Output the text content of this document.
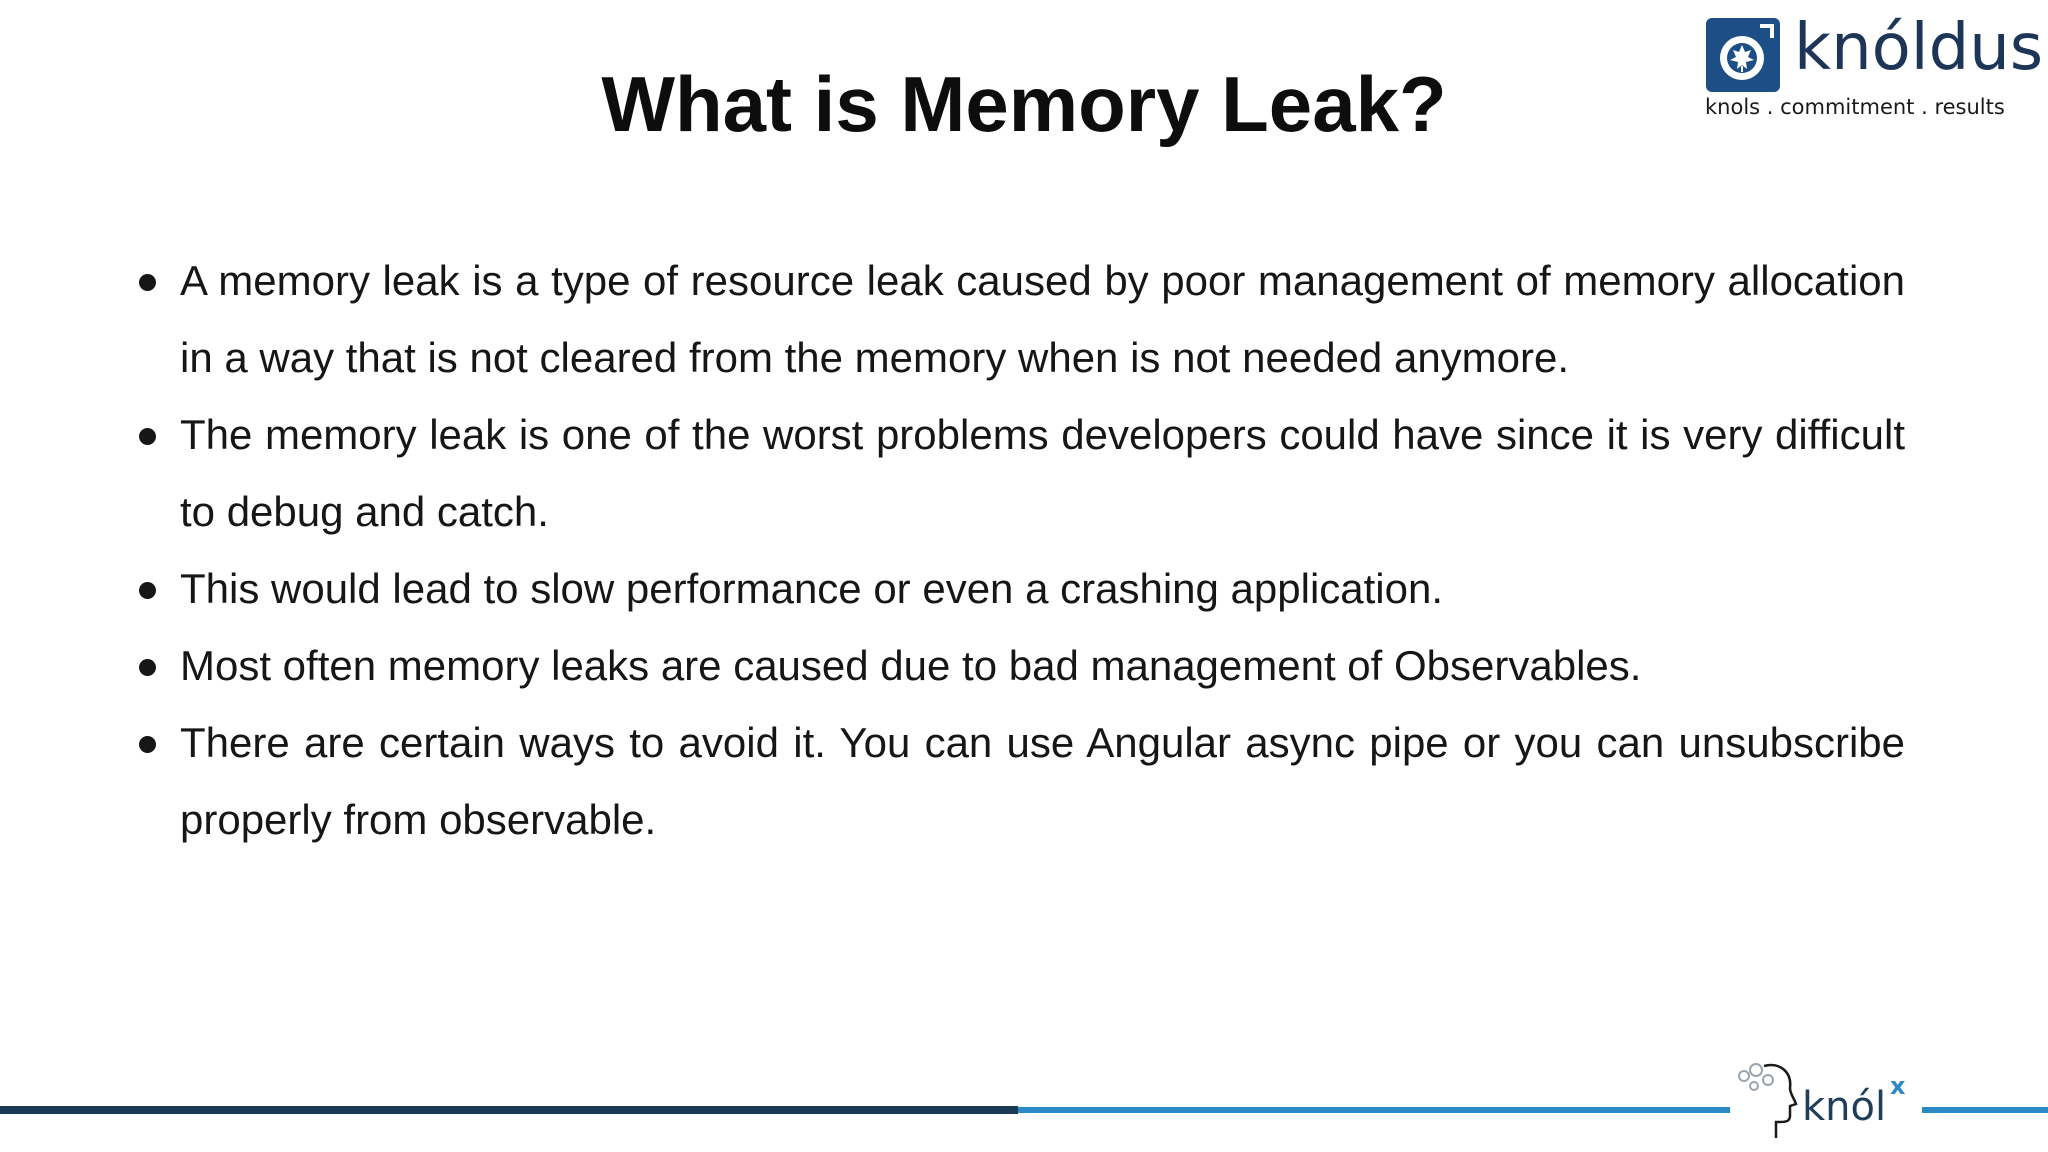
What is Memory Leak?
knóldus
knols . commitment . results
A memory leak is a type of resource leak caused by poor management of memory allocation in a way that is not cleared from the memory when is not needed anymore.
The memory leak is one of the worst problems developers could have since it is very difficult to debug and catch.
This would lead to slow performance or even a crashing application.
Most often memory leaks are caused due to bad management of Observables.
There are certain ways to avoid it. You can use Angular async pipe or you can unsubscribe properly from observable.
knól x
